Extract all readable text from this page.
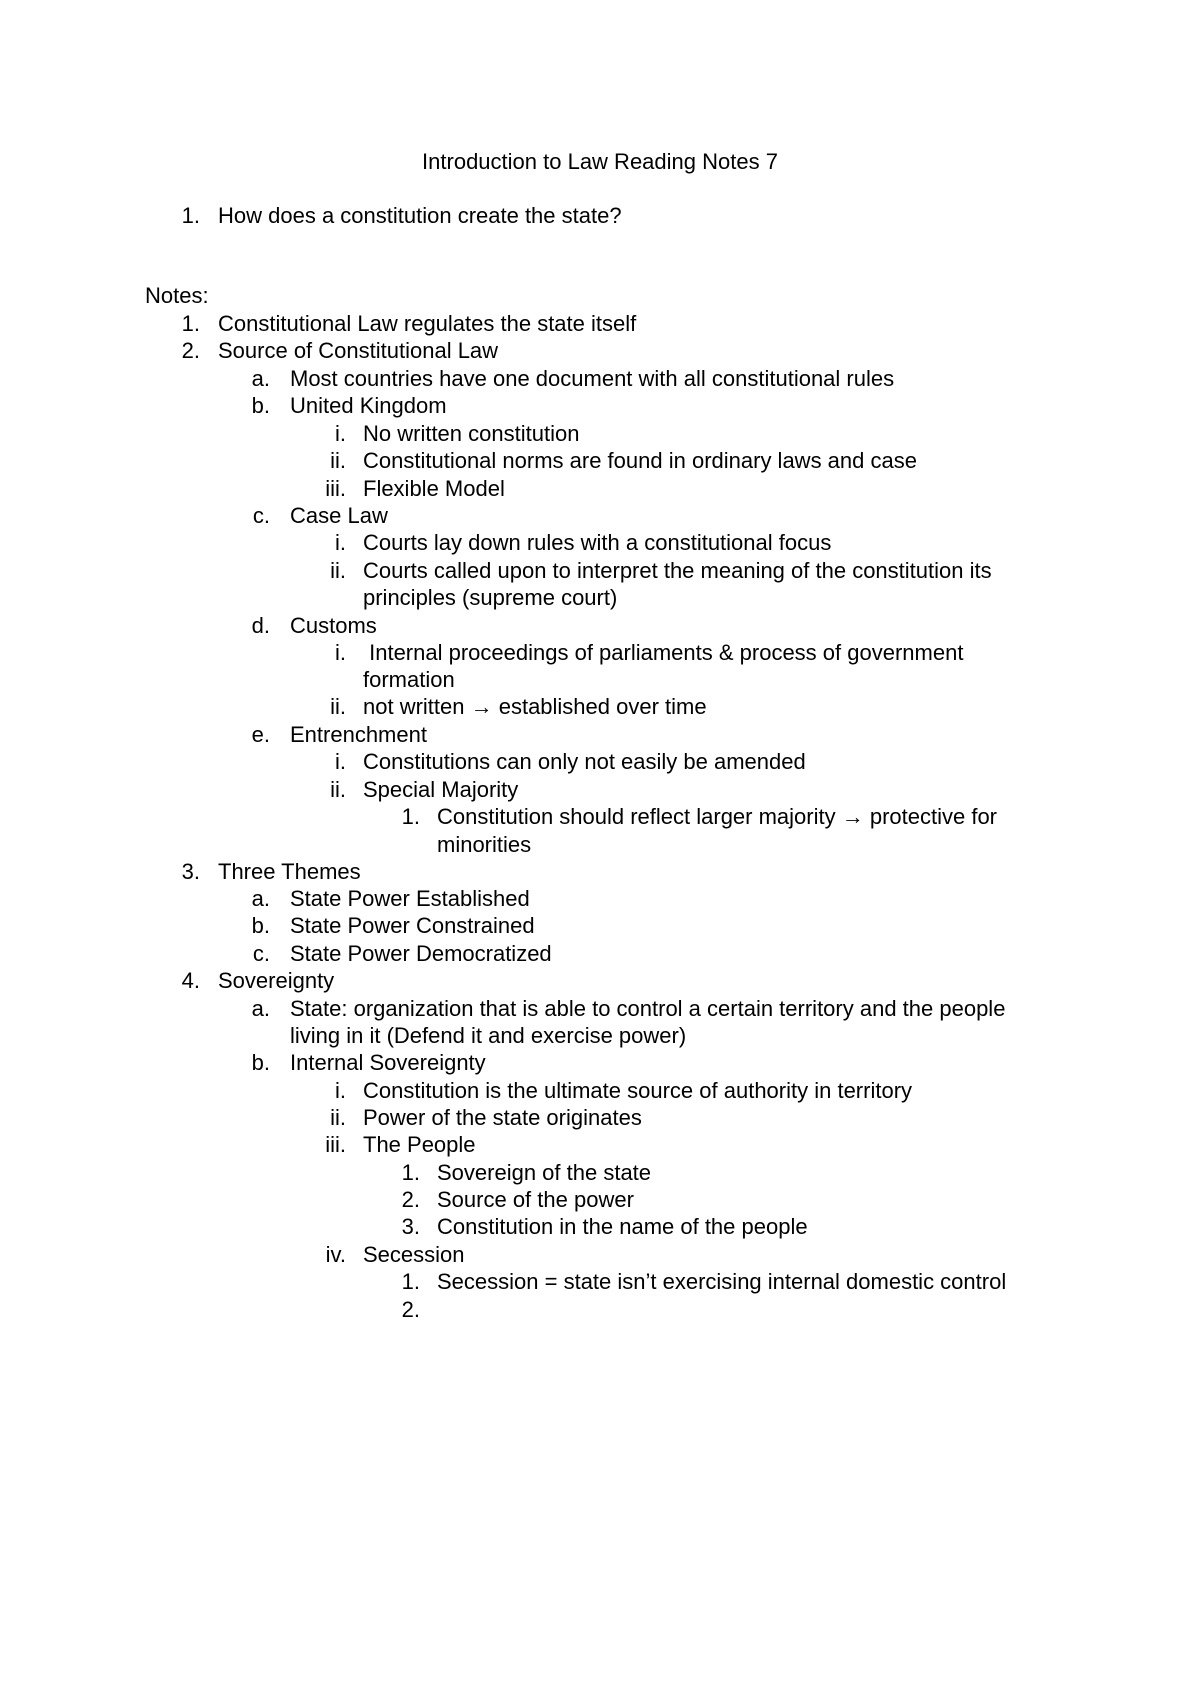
Introduction to Law Reading Notes 7
1. How does a constitution create the state?
Notes:
1. Constitutional Law regulates the state itself
2. Source of Constitutional Law
a. Most countries have one document with all constitutional rules
b. United Kingdom
i. No written constitution
ii. Constitutional norms are found in ordinary laws and case
iii. Flexible Model
c. Case Law
i. Courts lay down rules with a constitutional focus
ii. Courts called upon to interpret the meaning of the constitution its
principles (supreme court)
d. Customs
i. Internal proceedings of parliaments & process of government
formation
ii. not written → established over time
e. Entrenchment
i. Constitutions can only not easily be amended
ii. Special Majority
1. Constitution should reflect larger majority → protective for
minorities
3. Three Themes
a. State Power Established
b. State Power Constrained
c. State Power Democratized
4. Sovereignty
a. State: organization that is able to control a certain territory and the people
living in it (Defend it and exercise power)
b. Internal Sovereignty
i. Constitution is the ultimate source of authority in territory
ii. Power of the state originates
iii. The People
1. Sovereign of the state
2. Source of the power
3. Constitution in the name of the people
iv. Secession
1. Secession = state isn’t exercising internal domestic control
2.
